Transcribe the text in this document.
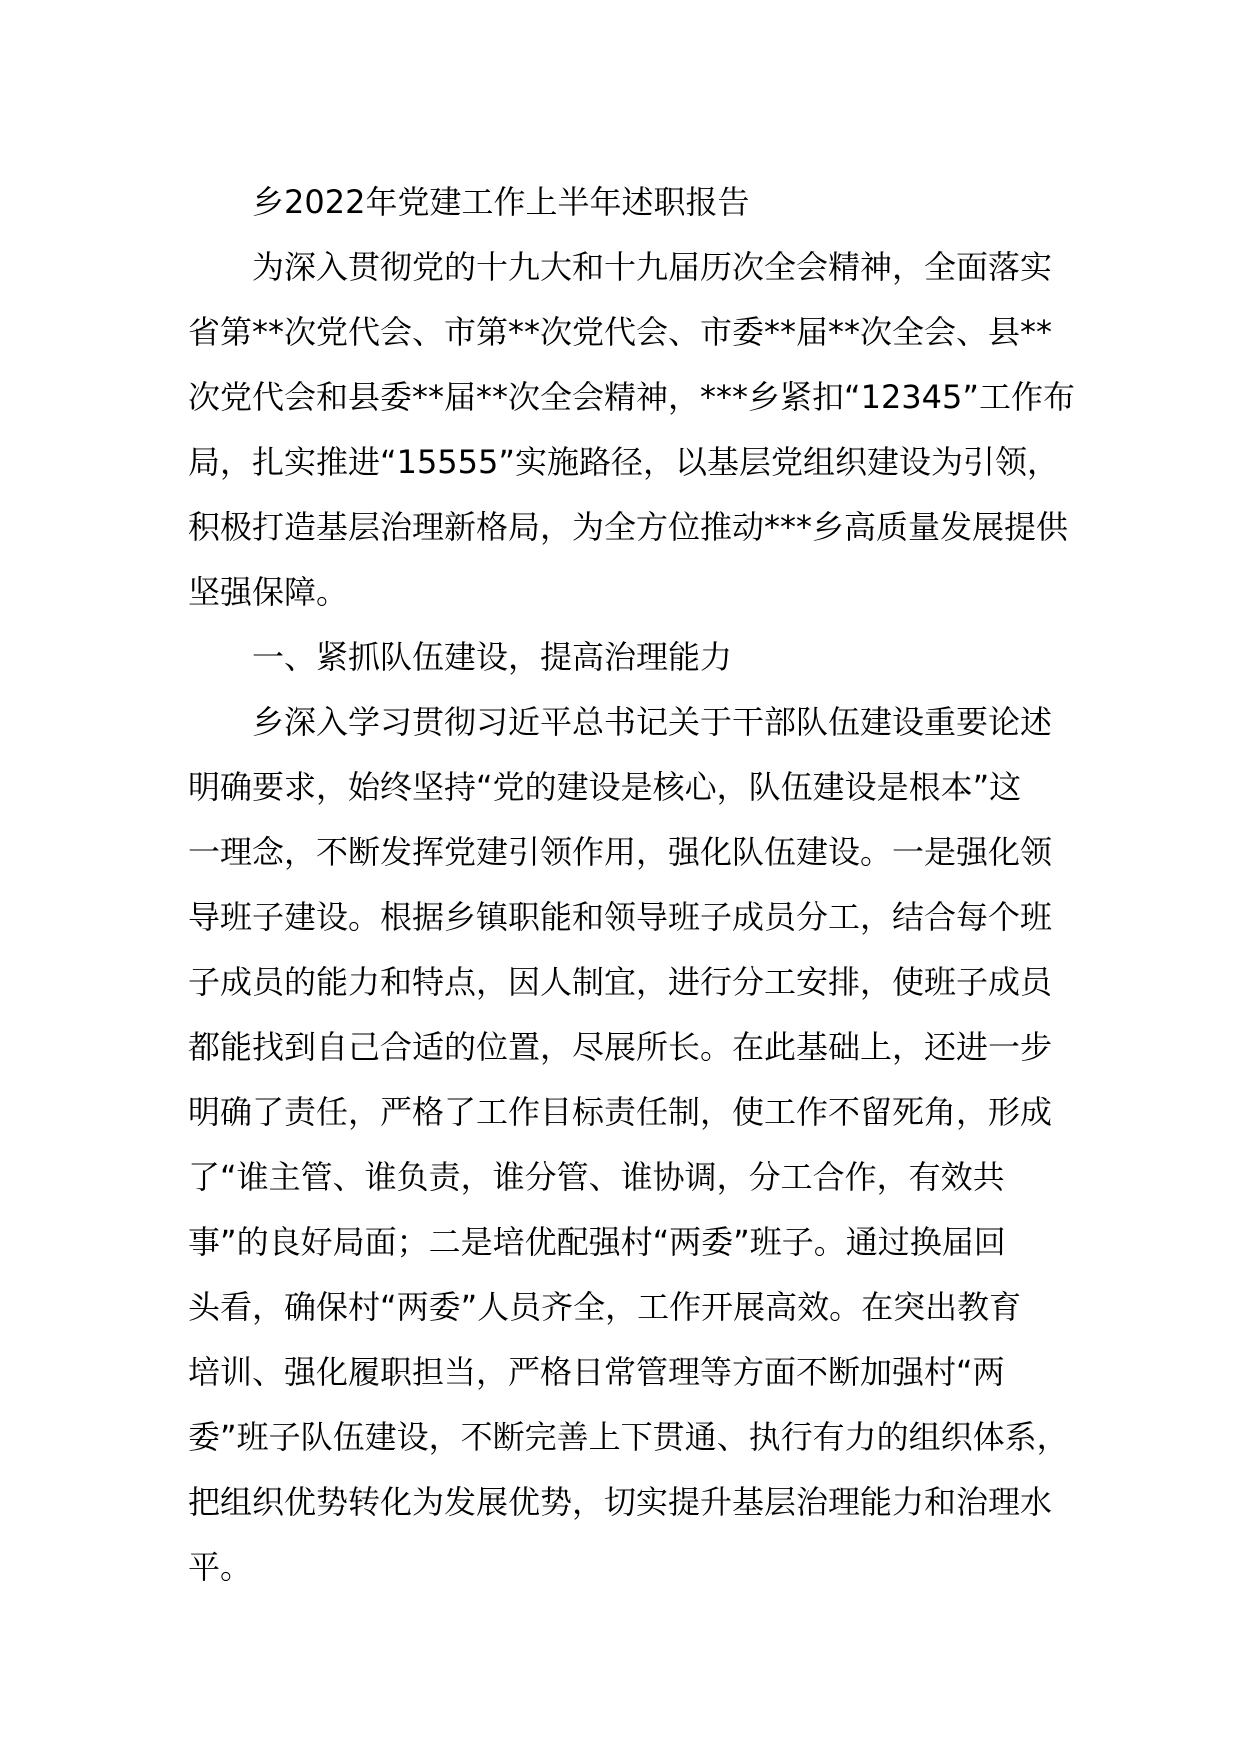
乡2022年党建工作上半年述职报告
为深入贯彻党的十九大和十九届历次全会精神，全面落实
省第**次党代会、市第**次党代会、市委**届**次全会、县**
次党代会和县委**届**次全会精神，***乡紧扣“12345”工作布
局，扎实推进“15555”实施路径，以基层党组织建设为引领，
积极打造基层治理新格局，为全方位推动***乡高质量发展提供
坚强保障。
一、紧抓队伍建设，提高治理能力
乡深入学习贯彻习近平总书记关于干部队伍建设重要论述
明确要求，始终坚持“党的建设是核心，队伍建设是根本”这
一理念，不断发挥党建引领作用，强化队伍建设。一是强化领
导班子建设。根据乡镇职能和领导班子成员分工，结合每个班
子成员的能力和特点，因人制宜，进行分工安排，使班子成员
都能找到自己合适的位置，尽展所长。在此基础上，还进一步
明确了责任，严格了工作目标责任制，使工作不留死角，形成
了“谁主管、谁负责，谁分管、谁协调，分工合作，有效共
事”的良好局面；二是培优配强村“两委”班子。通过换届回
头看，确保村“两委”人员齐全，工作开展高效。在突出教育
培训、强化履职担当，严格日常管理等方面不断加强村“两
委”班子队伍建设，不断完善上下贯通、执行有力的组织体系，
把组织优势转化为发展优势，切实提升基层治理能力和治理水
平。
